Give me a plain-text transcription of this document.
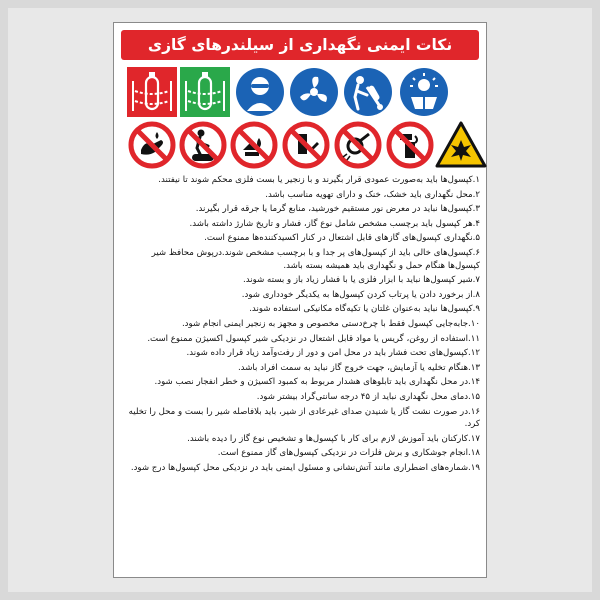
نکات ایمنی نگهداری از سیلندرهای گازی

۱.کپسول‌ها باید به‌صورت عمودی قرار بگیرند و با زنجیر یا بست فلزی محکم شوند تا نیفتند.

۲.محل نگهداری باید خشک، خنک و دارای تهویه مناسب باشد.

۳.کپسول‌ها نباید در معرض نور مستقیم خورشید، منابع گرما یا جرقه قرار بگیرند.

۴.هر کپسول باید برچسب مشخص شامل نوع گاز، فشار و تاریخ شارژ داشته باشد.

۵.نگهداری کپسول‌های گازهای قابل اشتعال در کنار اکسیدکننده‌ها ممنوع است.

۶.کپسول‌های خالی باید از کپسول‌های پر جدا و با برچسب مشخص شوند.درپوش محافظ شیر کپسول‌ها هنگام حمل و نگهداری باید همیشه بسته باشد.

۷.شیر کپسول‌ها نباید با ابزار فلزی یا با فشار زیاد باز و بسته شوند.

۸.از برخورد دادن یا پرتاب کردن کپسول‌ها به یکدیگر خودداری شود.

۹.کپسول‌ها نباید به‌عنوان غلتان یا تکیه‌گاه مکانیکی استفاده شوند.

۱۰.جابه‌جایی کپسول فقط با چرخ‌دستی مخصوص و مجهز به زنجیر ایمنی انجام شود.

۱۱.استفاده از روغن، گریس یا مواد قابل اشتعال در نزدیکی شیر کپسول اکسیژن ممنوع است.

۱۲.کپسول‌های تحت فشار باید در محل امن و دور از رفت‌وآمد زیاد قرار داده شوند.

۱۳.هنگام تخلیه یا آزمایش، جهت خروج گاز نباید به سمت افراد باشد.

۱۴.در محل نگهداری باید تابلوهای هشدار مربوط به کمبود اکسیژن و خطر انفجار نصب شود.

۱۵.دمای محل نگهداری نباید از ۴۵ درجه سانتی‌گراد بیشتر شود.

۱۶.در صورت نشت گاز یا شنیدن صدای غیرعادی از شیر، باید بلافاصله شیر را بست و محل را تخلیه کرد.

۱۷.کارکنان باید آموزش لازم برای کار با کپسول‌ها و تشخیص نوع گاز را دیده باشند.

۱۸.انجام جوشکاری و برش فلزات در نزدیکی کپسول‌های گاز ممنوع است.

۱۹.شماره‌های اضطراری مانند آتش‌نشانی و مسئول ایمنی باید در نزدیکی محل کپسول‌ها درج شود.
